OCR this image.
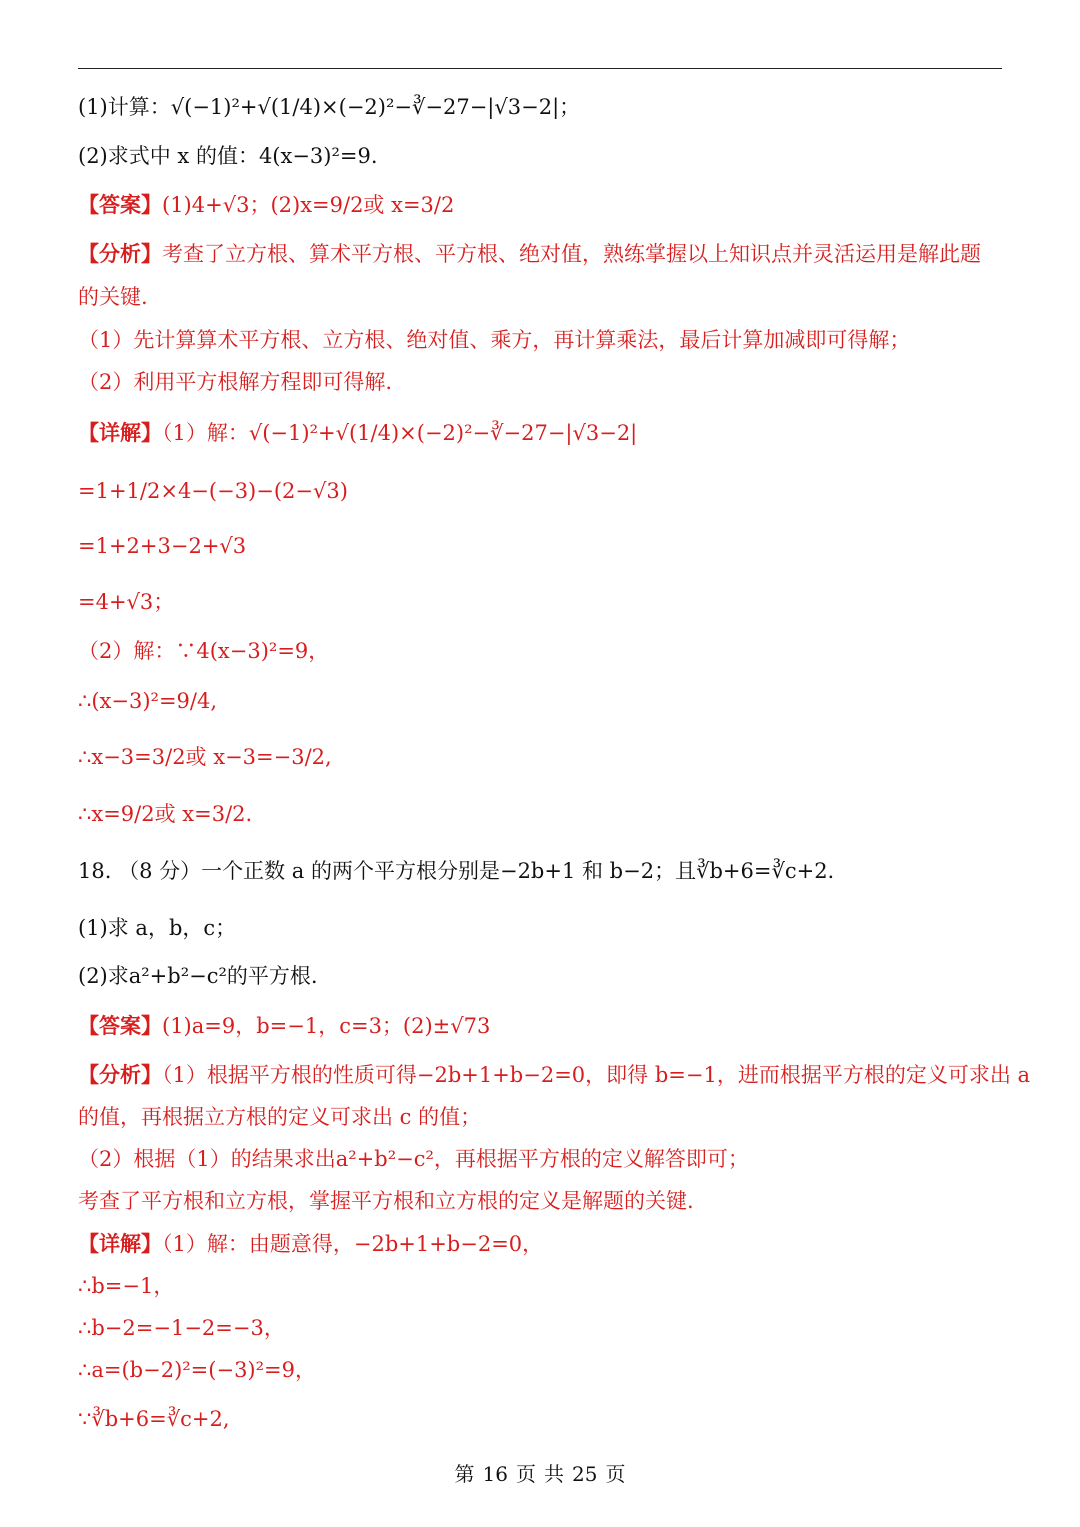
(1)计算：√(−1)²+√(1/4)×(−2)²−∛−27−|√3−2|；
(2)求式中 x 的值：4(x−3)²=9.
【答案】(1)4+√3；(2)x=9/2或 x=3/2
【分析】考查了立方根、算术平方根、平方根、绝对值，熟练掌握以上知识点并灵活运用是解此题
的关键.
（1）先计算算术平方根、立方根、绝对值、乘方，再计算乘法，最后计算加减即可得解；
（2）利用平方根解方程即可得解.
【详解】（1）解：√(−1)²+√(1/4)×(−2)²−∛−27−|√3−2|
=1+1/2×4−(−3)−(2−√3)
=1+2+3−2+√3
=4+√3；
（2）解：∵4(x−3)²=9，
∴(x−3)²=9/4,
∴x−3=3/2或 x−3=−3/2,
∴x=9/2或 x=3/2.
18. （8 分）一个正数 a 的两个平方根分别是−2b+1 和 b−2；且∛b+6=∛c+2.
(1)求 a，b，c；
(2)求a²+b²−c²的平方根.
【答案】(1)a=9，b=−1，c=3；(2)±√73
【分析】（1）根据平方根的性质可得−2b+1+b−2=0，即得 b=−1，进而根据平方根的定义可求出 a
的值，再根据立方根的定义可求出 c 的值；
（2）根据（1）的结果求出a²+b²−c²，再根据平方根的定义解答即可；
考查了平方根和立方根，掌握平方根和立方根的定义是解题的关键.
【详解】（1）解：由题意得，−2b+1+b−2=0，
∴b=−1，
∴b−2=−1−2=−3，
∴a=(b−2)²=(−3)²=9，
∵∛b+6=∛c+2,
第 16 页 共 25 页
